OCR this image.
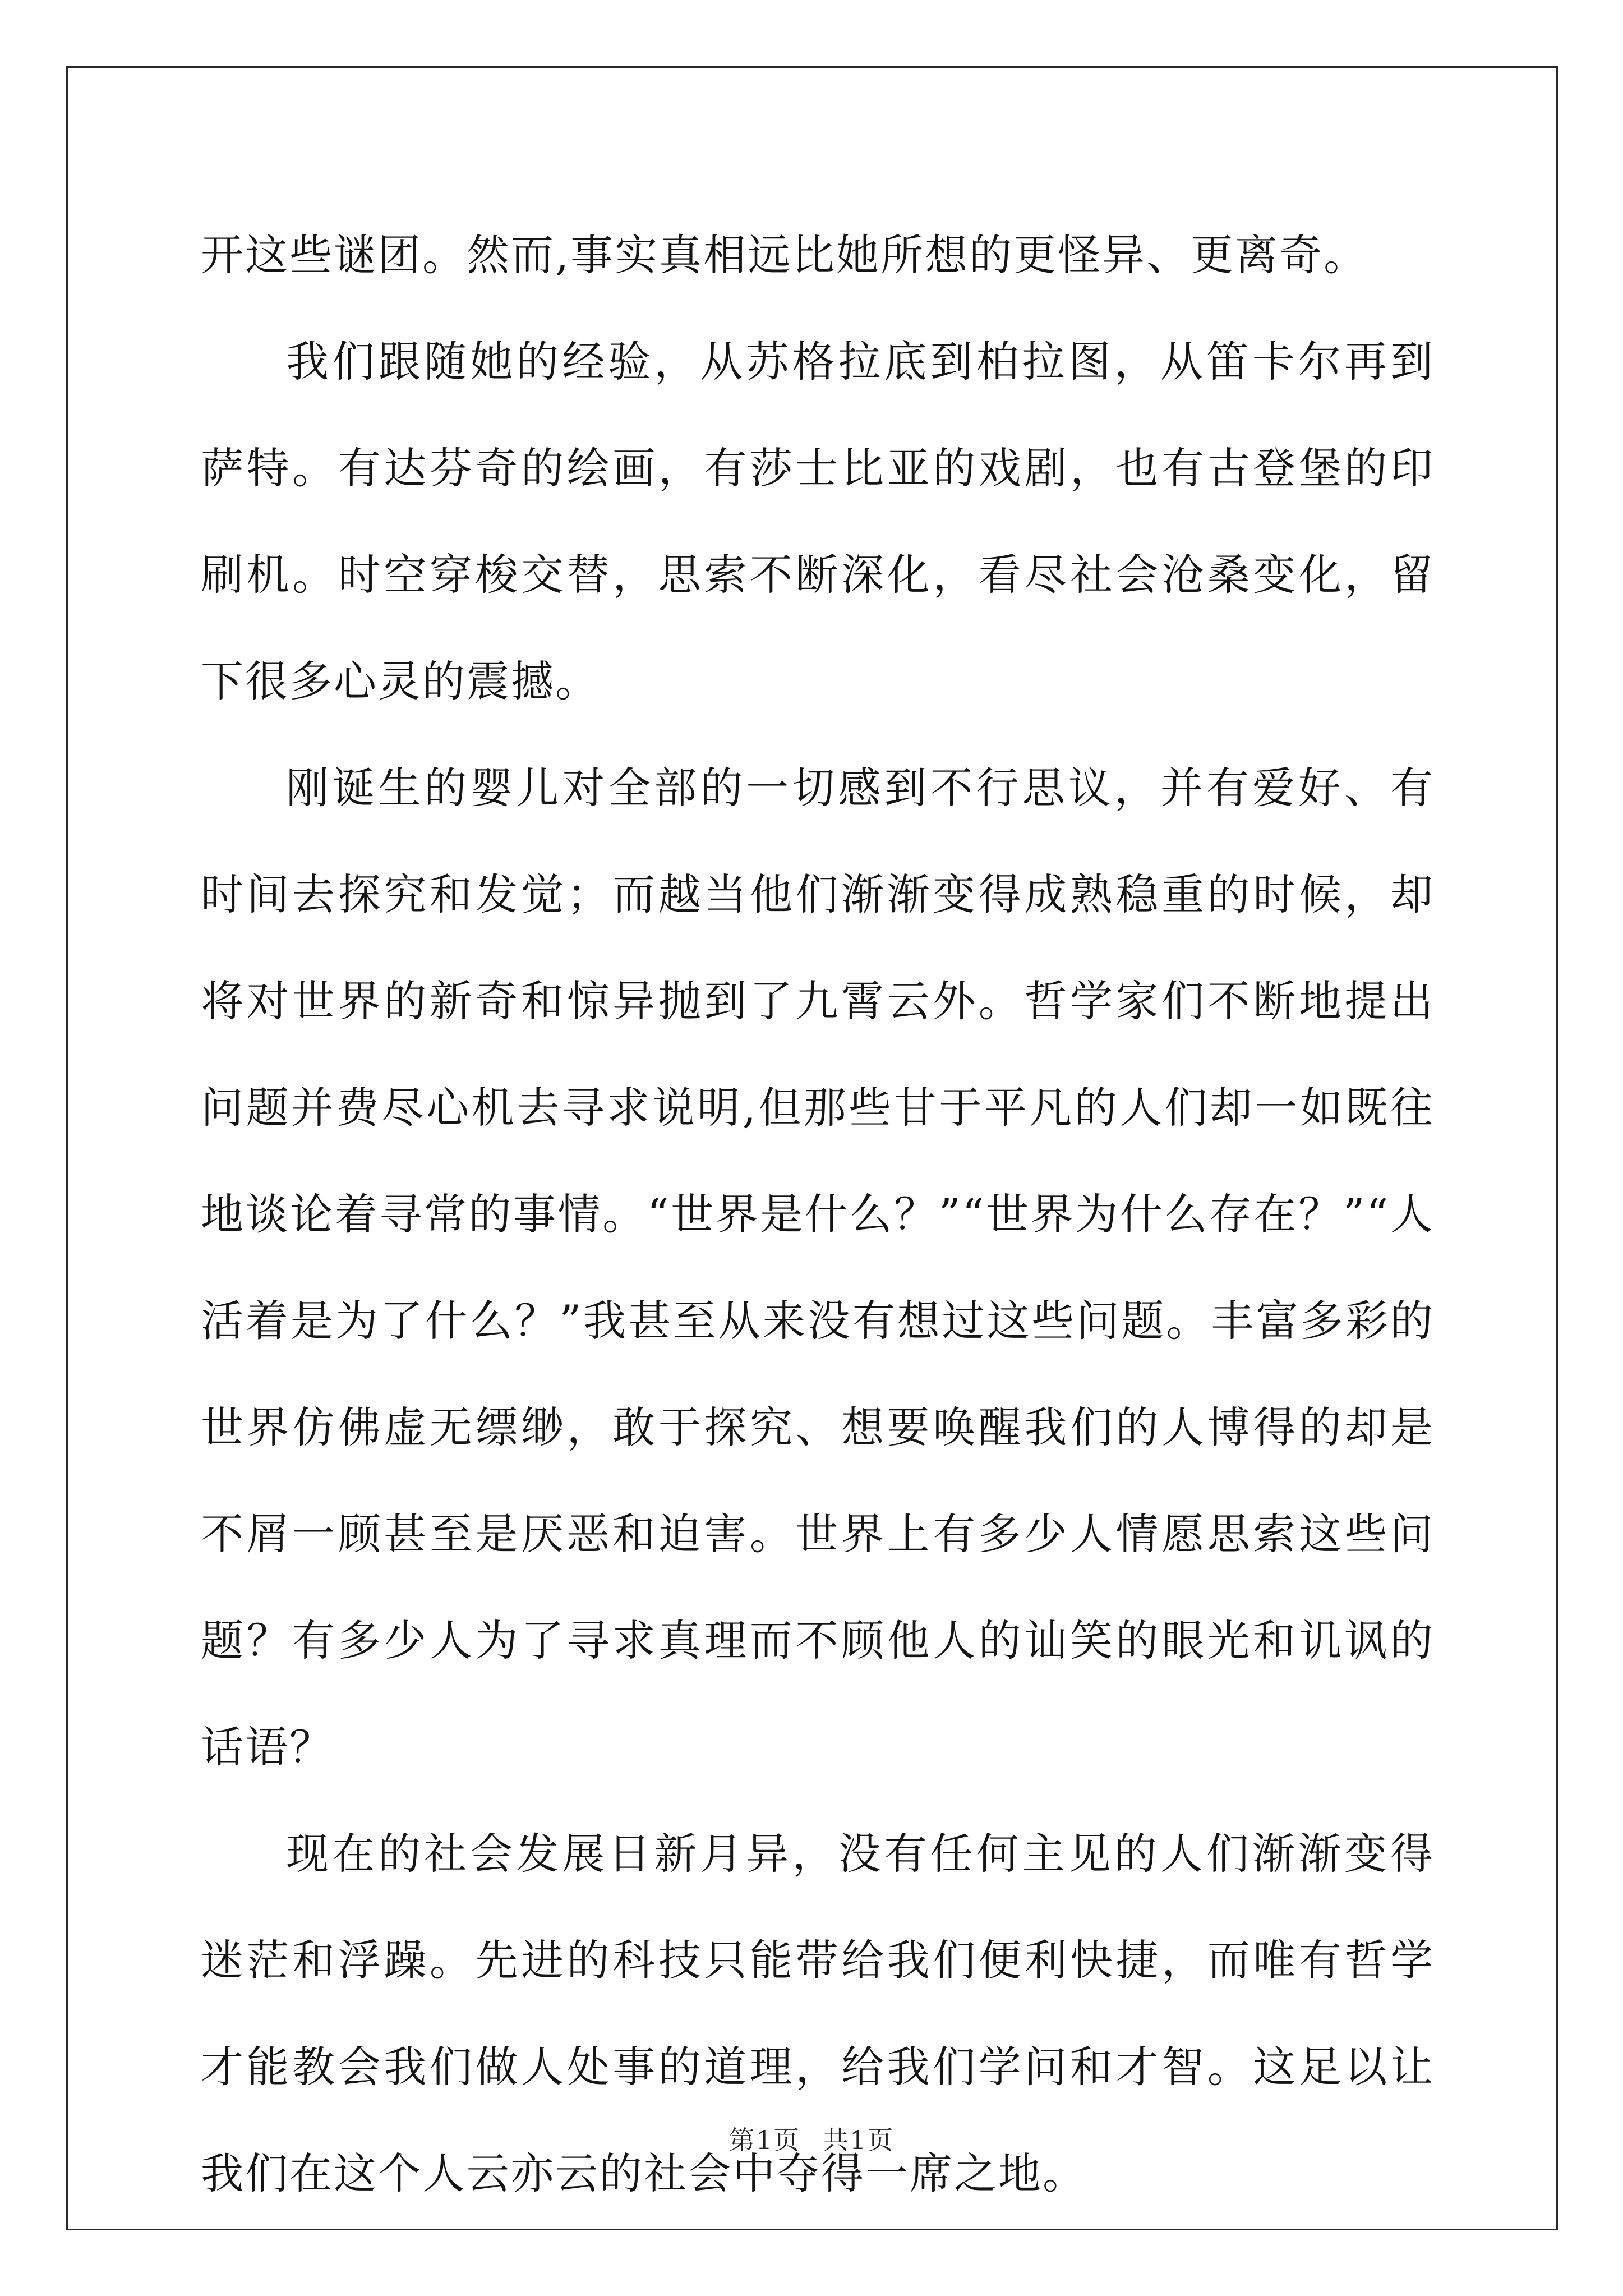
开这些谜团。然而,事实真相远比她所想的更怪异、更离奇。

我们跟随她的经验，从苏格拉底到柏拉图，从笛卡尔再到萨特。有达芬奇的绘画，有莎士比亚的戏剧，也有古登堡的印刷机。时空穿梭交替，思索不断深化，看尽社会沧桑变化，留下很多心灵的震撼。

刚诞生的婴儿对全部的一切感到不行思议，并有爱好、有时间去探究和发觉；而越当他们渐渐变得成熟稳重的时候，却将对世界的新奇和惊异抛到了九霄云外。哲学家们不断地提出问题并费尽心机去寻求说明,但那些甘于平凡的人们却一如既往地谈论着寻常的事情。“世界是什么？”“世界为什么存在？”“人活着是为了什么？”我甚至从来没有想过这些问题。丰富多彩的世界仿佛虚无缥缈，敢于探究、想要唤醒我们的人博得的却是不屑一顾甚至是厌恶和迫害。世界上有多少人情愿思索这些问题？有多少人为了寻求真理而不顾他人的讪笑的眼光和讥讽的话语？

现在的社会发展日新月异，没有任何主见的人们渐渐变得迷茫和浮躁。先进的科技只能带给我们便利快捷，而唯有哲学才能教会我们做人处事的道理，给我们学问和才智。这足以让我们在这个人云亦云的社会中夺得一席之地。

第1页 共1页
